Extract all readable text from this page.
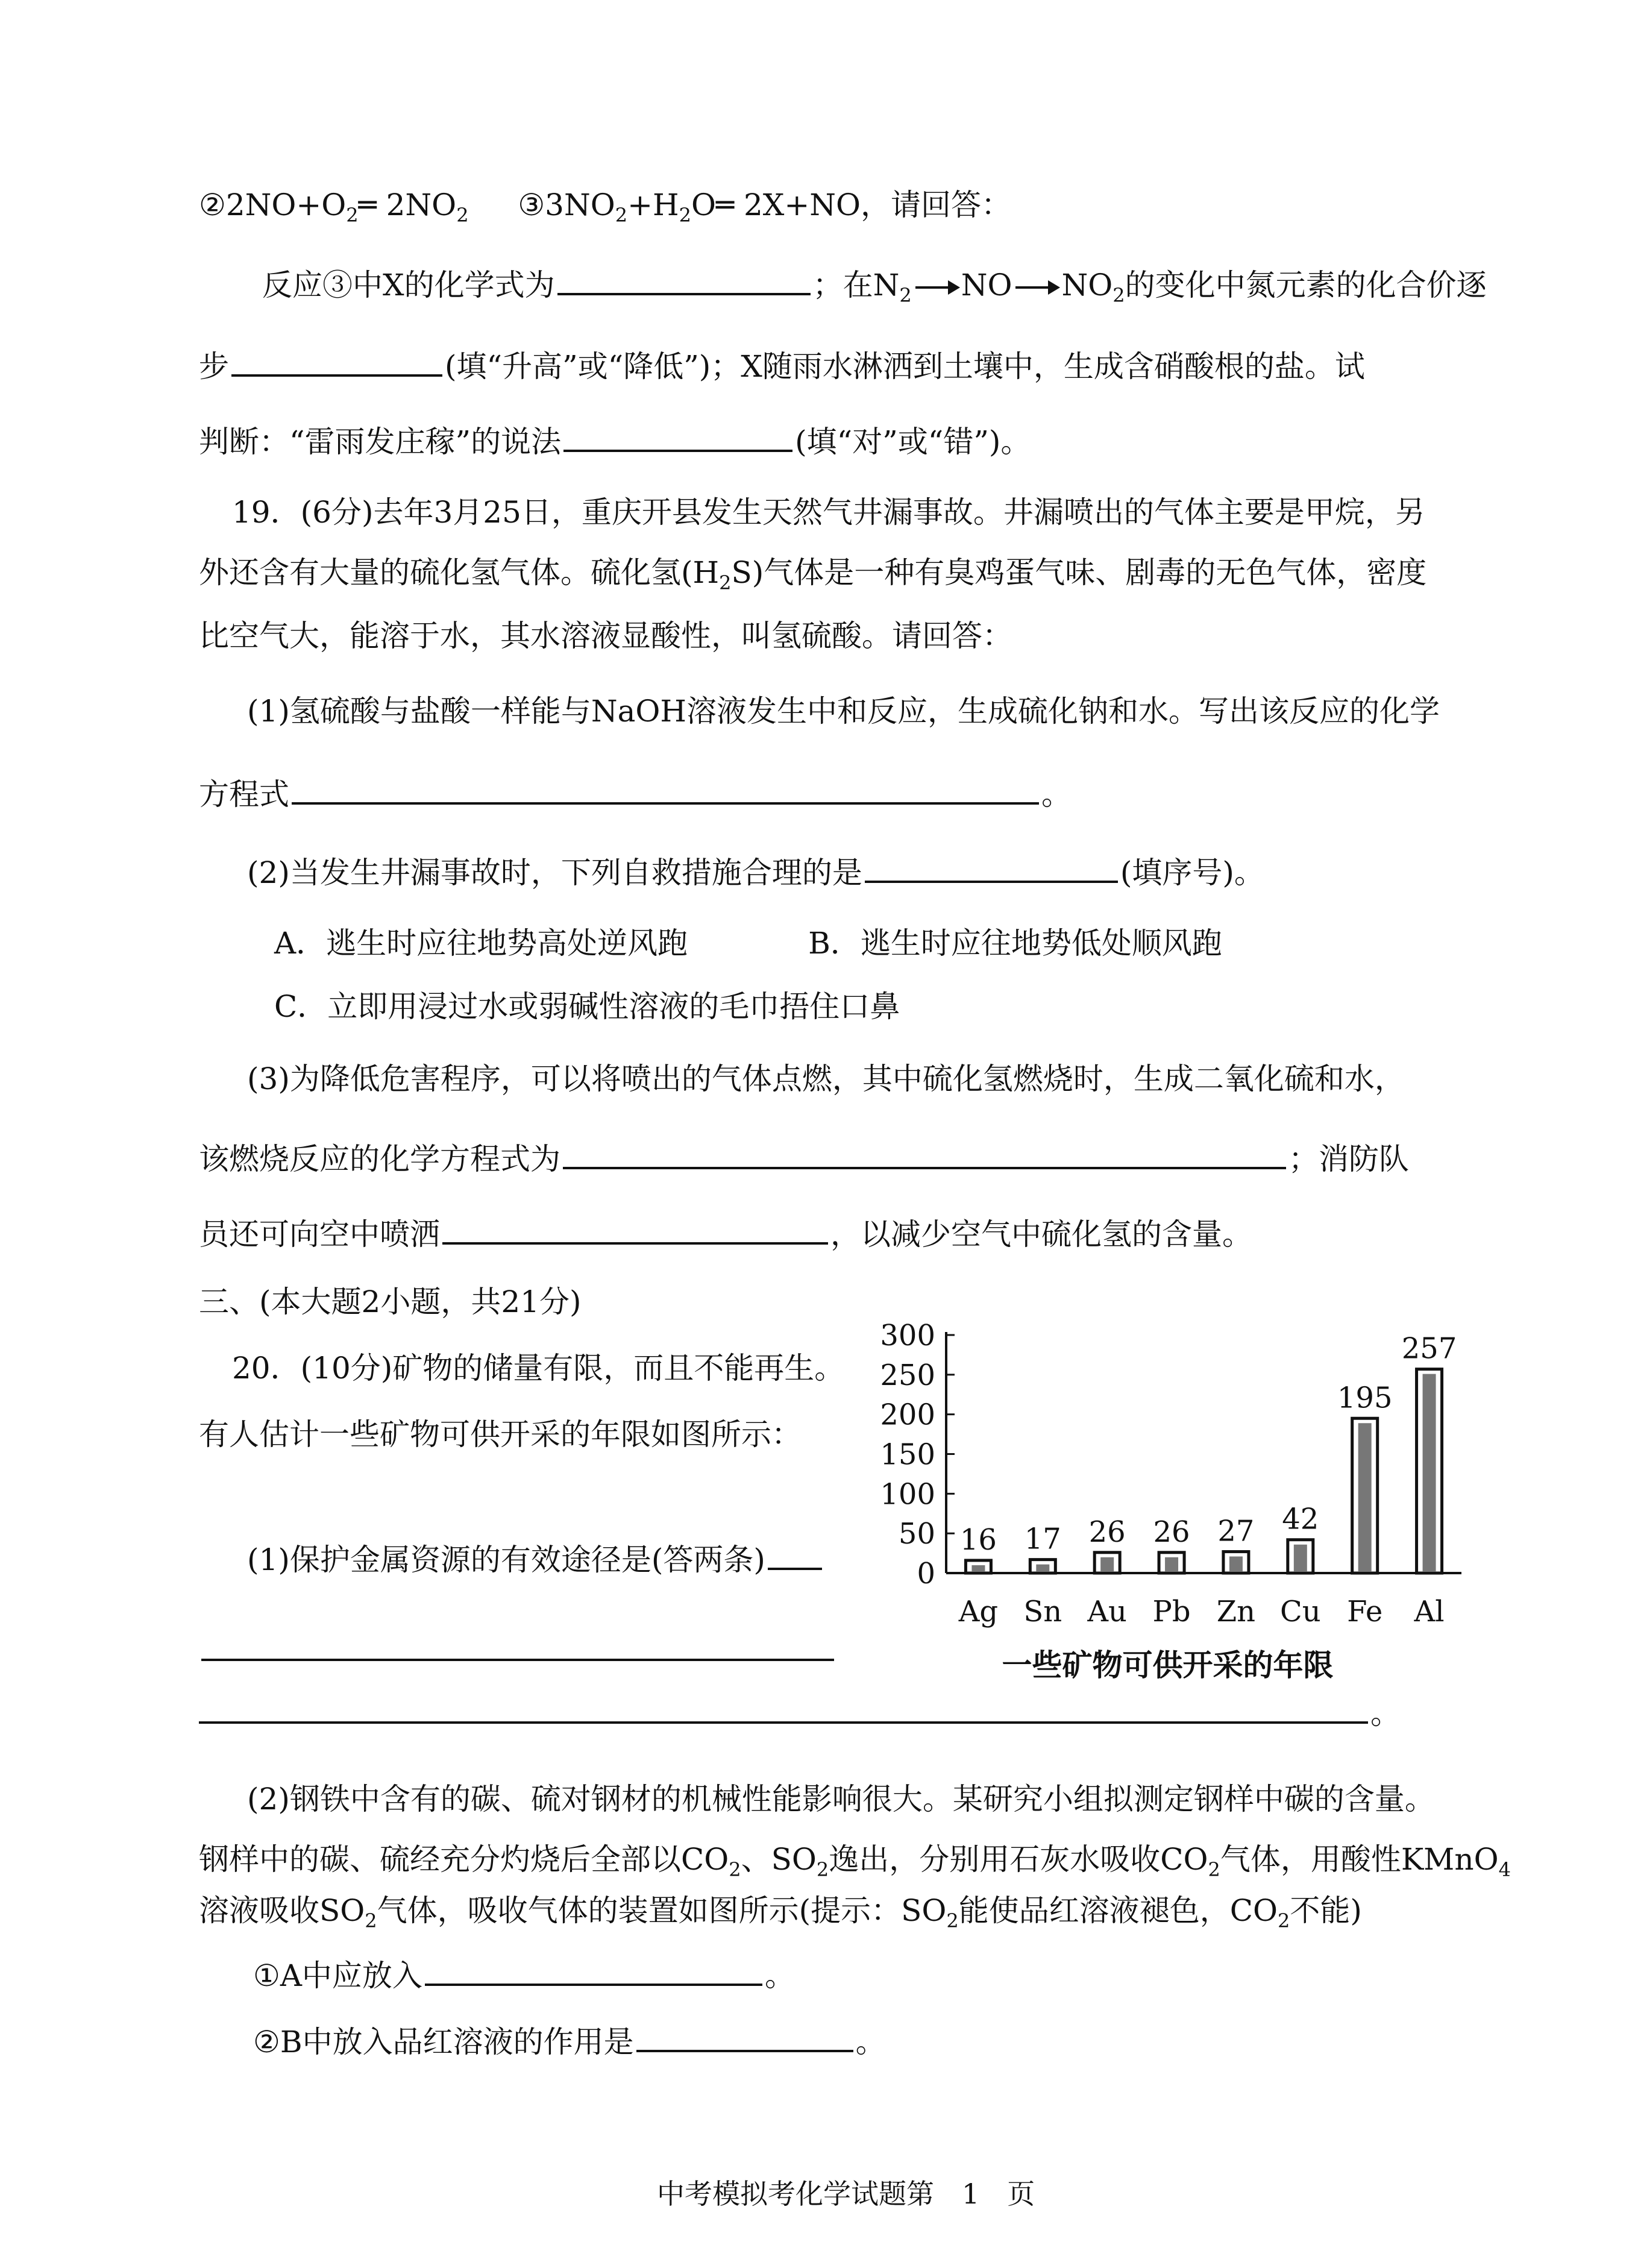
$②2NO+O_2═$ $2NO_2$ $③3NO_2+H_2O═$ 2X+NO，请回答：
反应③中X的化学式为	；在$N_2$ NO $NO_2$的变化中氮元素的化合价逐
步	(填“升高”或“降低”)；X随雨水淋洒到土壤中，生成含硝酸根的盐。试
判断：“雷雨发庄稼”的说法	(填“对”或“错”)。
19．(6分)去年3月25日，重庆开县发生天然气井漏事故。井漏喷出的气体主要是甲烷，另
外还含有大量的硫化氢气体。硫化氢$(H_2S)$气体是一种有臭鸡蛋气味、剧毒的无色气体，密度
比空气大，能溶于水，其水溶液显酸性，叫氢硫酸。请回答：
(1)氢硫酸与盐酸一样能与NaOH溶液发生中和反应，生成硫化钠和水。写出该反应的化学
方程式	。
(2)当发生井漏事故时，下列自救措施合理的是	(填序号)。
A．逃生时应往地势高处逆风跑	B．逃生时应往地势低处顺风跑
C．立即用浸过水或弱碱性溶液的毛巾捂住口鼻
(3)为降低危害程序，可以将喷出的气体点燃，其中硫化氢燃烧时，生成二氧化硫和水，
该燃烧反应的化学方程式为	；消防队
员还可向空中喷洒	，以减少空气中硫化氢的含量。
三、(本大题2小题，共21分)
20．(10分)矿物的储量有限，而且不能再生。
有人估计一些矿物可供开采的年限如图所示：
(1)保护金属资源的有效途径是(答两条)
。
(2)钢铁中含有的碳、硫对钢材的机械性能影响很大。某研究小组拟测定钢样中碳的含量。
钢样中的碳、硫经充分灼烧后全部以$CO_2$、$SO_2$逸出，分别用石灰水吸收$CO_2$气体，用酸性KMnO$_4$
溶液吸收$SO_2$气体，吸收气体的装置如图所示(提示：$SO_2$能使品红溶液褪色，$CO_2$不能)
①A中应放入	。
②B中放入品红溶液的作用是	。
0
50
100
150
200
250
300
16
Ag
17
Sn
26
Au
26
Pb
27
Zn
42
Cu
195
Fe
257
Al
一些矿物可供开采的年限
中考模拟考化学试题第　1　页
